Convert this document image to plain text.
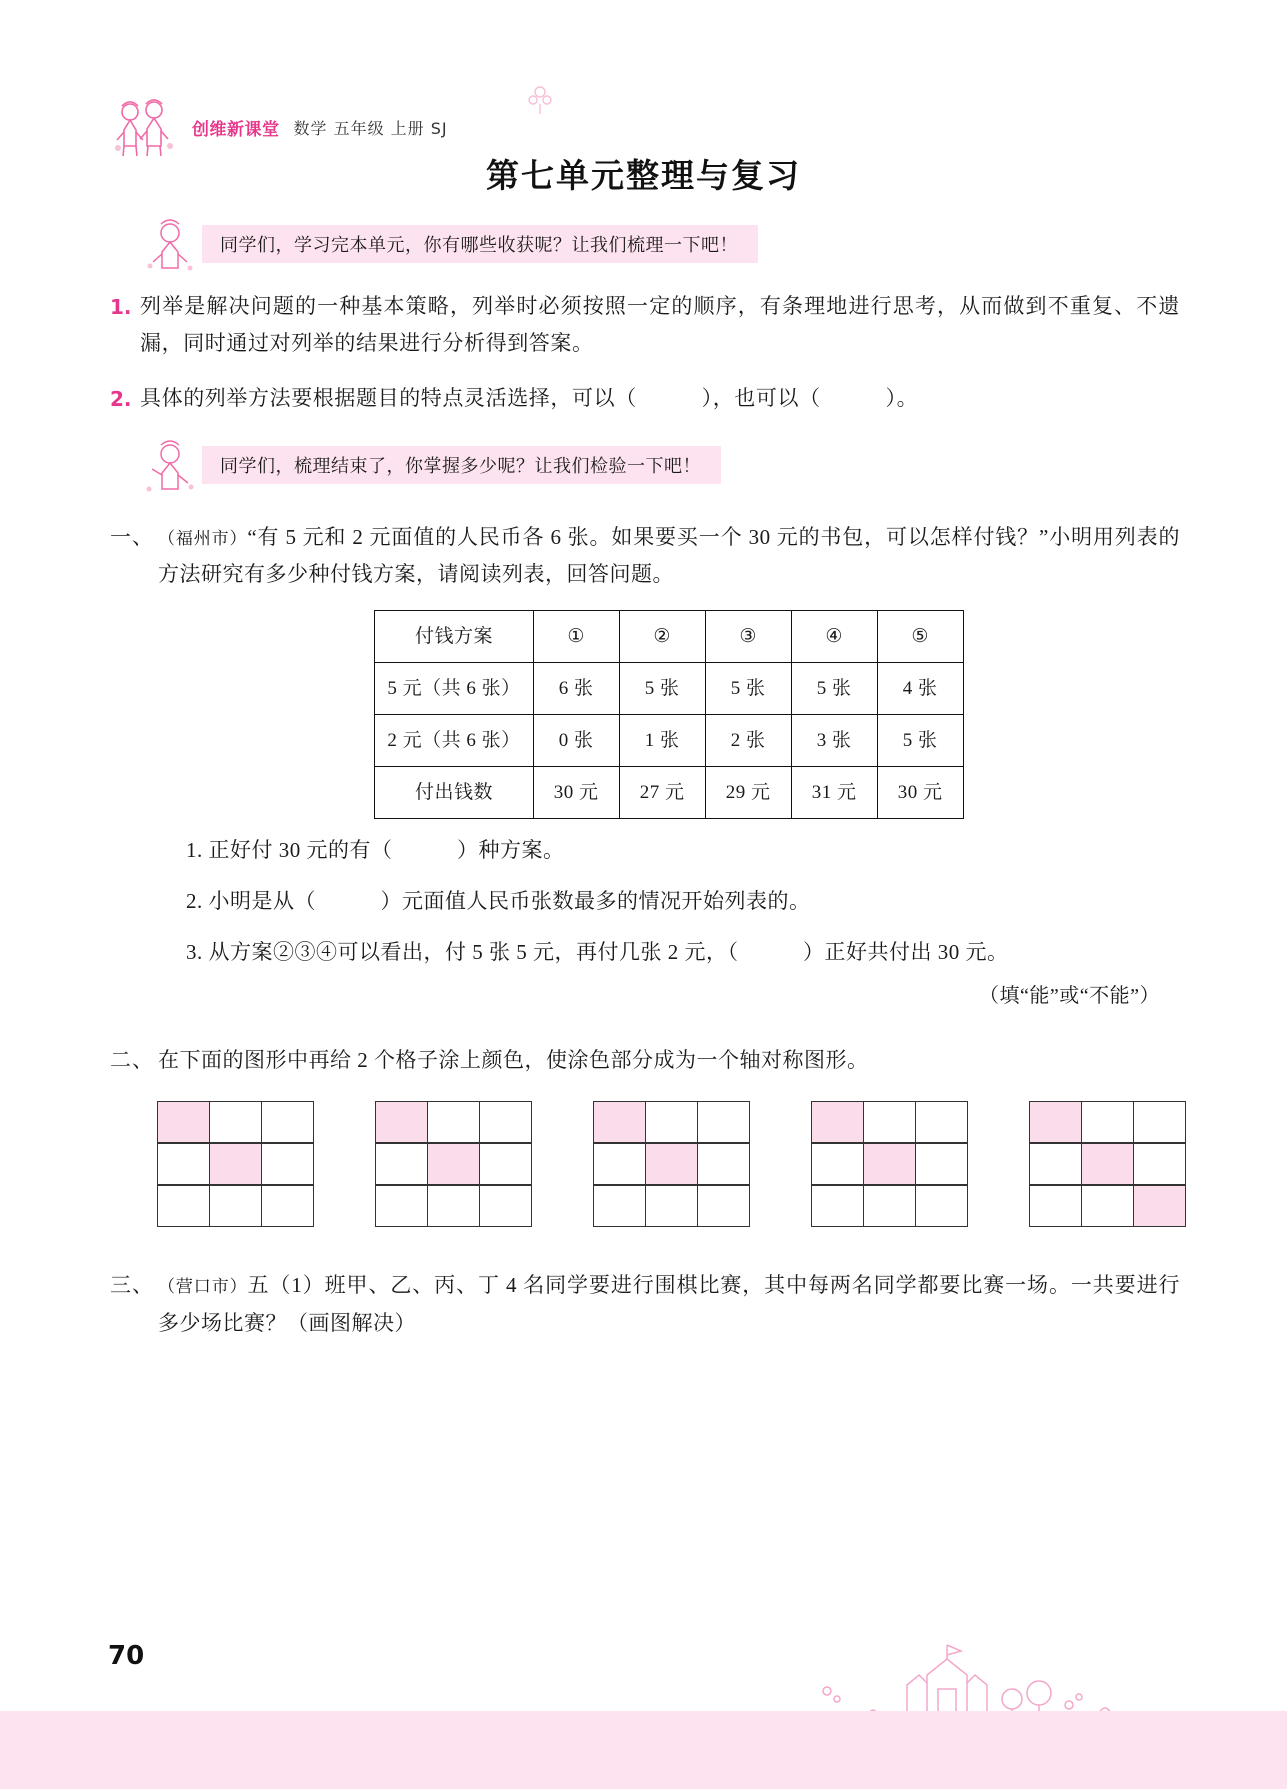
创维新课堂 数学 五年级 上册 SJ
第七单元整理与复习
同学们，学习完本单元，你有哪些收获呢？让我们梳理一下吧！
1. 列举是解决问题的一种基本策略，列举时必须按照一定的顺序，有条理地进行思考，从而做到不重复、不遗漏，同时通过对列举的结果进行分析得到答案。
2. 具体的列举方法要根据题目的特点灵活选择，可以（　　　），也可以（　　　）。
同学们，梳理结束了，你掌握多少呢？让我们检验一下吧！
一、 （福州市）“有 5 元和 2 元面值的人民币各 6 张。如果要买一个 30 元的书包，可以怎样付钱？”小明用列表的方法研究有多少种付钱方案，请阅读列表，回答问题。

付钱方案	①	②	③	④	⑤
5 元（共 6 张）	6 张	5 张	5 张	5 张	4 张
2 元（共 6 张）	0 张	1 张	2 张	3 张	5 张
付出钱数	30 元	27 元	29 元	31 元	30 元
1. 正好付 30 元的有（　　　）种方案。
2. 小明是从（　　　）元面值人民币张数最多的情况开始列表的。
3. 从方案②③④可以看出，付 5 张 5 元，再付几张 2 元，（　　　）正好共付出 30 元。
（填“能”或“不能”）
二、 在下面的图形中再给 2 个格子涂上颜色，使涂色部分成为一个轴对称图形。

三、 （营口市）五（1）班甲、乙、丙、丁 4 名同学要进行围棋比赛，其中每两名同学都要比赛一场。一共要进行多少场比赛？（画图解决）

70
